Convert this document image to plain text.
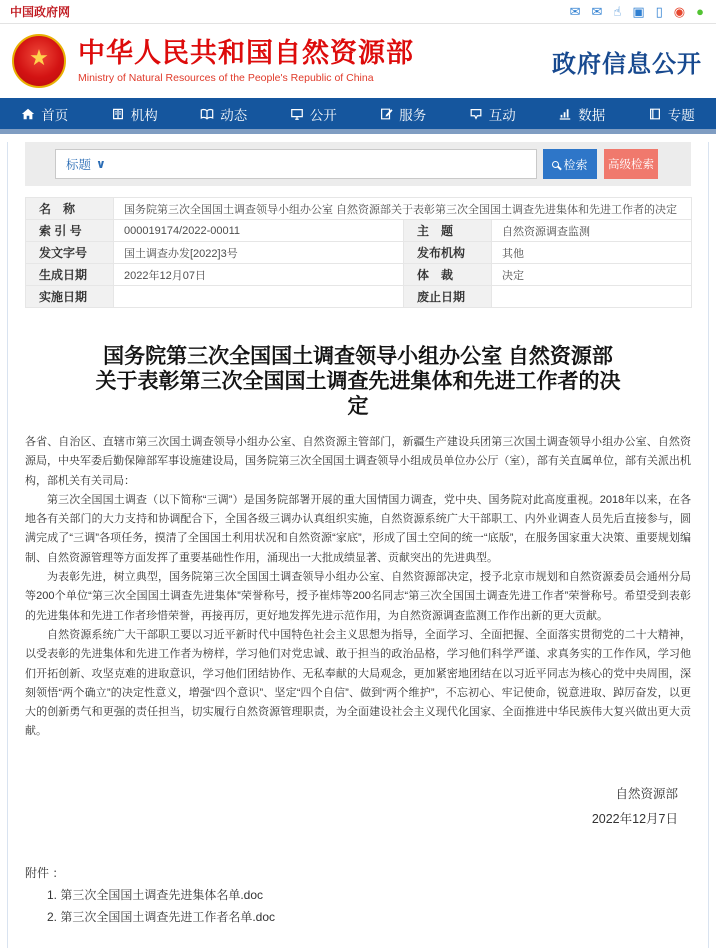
中国政府网	✉ ✉ ☝ ▣ ▯ ◉ ●
★ 中华人民共和国自然资源部
Ministry of Natural Resources of the People's Republic of China
政府信息公开
首页	机构	动态	公开	服务	互动	数据	专题
标题 ∨	检索	高级检索
名　称	国务院第三次全国国土调查领导小组办公室 自然资源部关于表彰第三次全国国土调查先进集体和先进工作者的决定		
索 引 号	000019174/2022-00011	主　题	自然资源调查监测
发文字号	国土调查办发[2022]3号	发布机构	其他
生成日期	2022年12月07日	体　裁	决定
实施日期		废止日期	
国务院第三次全国国土调查领导小组办公室 自然资源部
关于表彰第三次全国国土调查先进集体和先进工作者的决定

各省、自治区、直辖市第三次国土调查领导小组办公室、自然资源主管部门，新疆生产建设兵团第三次国土调查领导小组办公室、自然资源局，中央军委后勤保障部军事设施建设局，国务院第三次全国国土调查领导小组成员单位办公厅（室），部有关直属单位，部有关派出机构，部机关有关司局：

第三次全国国土调查（以下简称“三调”）是国务院部署开展的重大国情国力调查，党中央、国务院对此高度重视。2018年以来，在各地各有关部门的大力支持和协调配合下，全国各级三调办认真组织实施，自然资源系统广大干部职工、内外业调查人员先后直接参与，圆满完成了“三调”各项任务，摸清了全国国土利用状况和自然资源“家底”，形成了国土空间的统一“底版”，在服务国家重大决策、重要规划编制、自然资源管理等方面发挥了重要基础性作用，涌现出一大批成绩显著、贡献突出的先进典型。

为表彰先进，树立典型，国务院第三次全国国土调查领导小组办公室、自然资源部决定，授予北京市规划和自然资源委员会通州分局等200个单位“第三次全国国土调查先进集体”荣誉称号，授予崔炜等200名同志“第三次全国国土调查先进工作者”荣誉称号。希望受到表彰的先进集体和先进工作者珍惜荣誉，再接再厉，更好地发挥先进示范作用，为自然资源调查监测工作作出新的更大贡献。

自然资源系统广大干部职工要以习近平新时代中国特色社会主义思想为指导，全面学习、全面把握、全面落实贯彻党的二十大精神，以受表彰的先进集体和先进工作者为榜样，学习他们对党忠诚、敢于担当的政治品格，学习他们科学严谨、求真务实的工作作风，学习他们开拓创新、攻坚克难的进取意识，学习他们团结协作、无私奉献的大局观念，更加紧密地团结在以习近平同志为核心的党中央周围，深刻领悟“两个确立”的决定性意义，增强“四个意识”、坚定“四个自信”、做到“两个维护”，不忘初心、牢记使命，锐意进取、踔厉奋发，以更大的创新勇气和更强的责任担当，切实履行自然资源管理职责，为全面建设社会主义现代化国家、全面推进中华民族伟大复兴做出更大贡献。

自然资源部
2022年12月7日
附件 ：
1. 第三次全国国土调查先进集体名单.doc
2. 第三次全国国土调查先进工作者名单.doc
